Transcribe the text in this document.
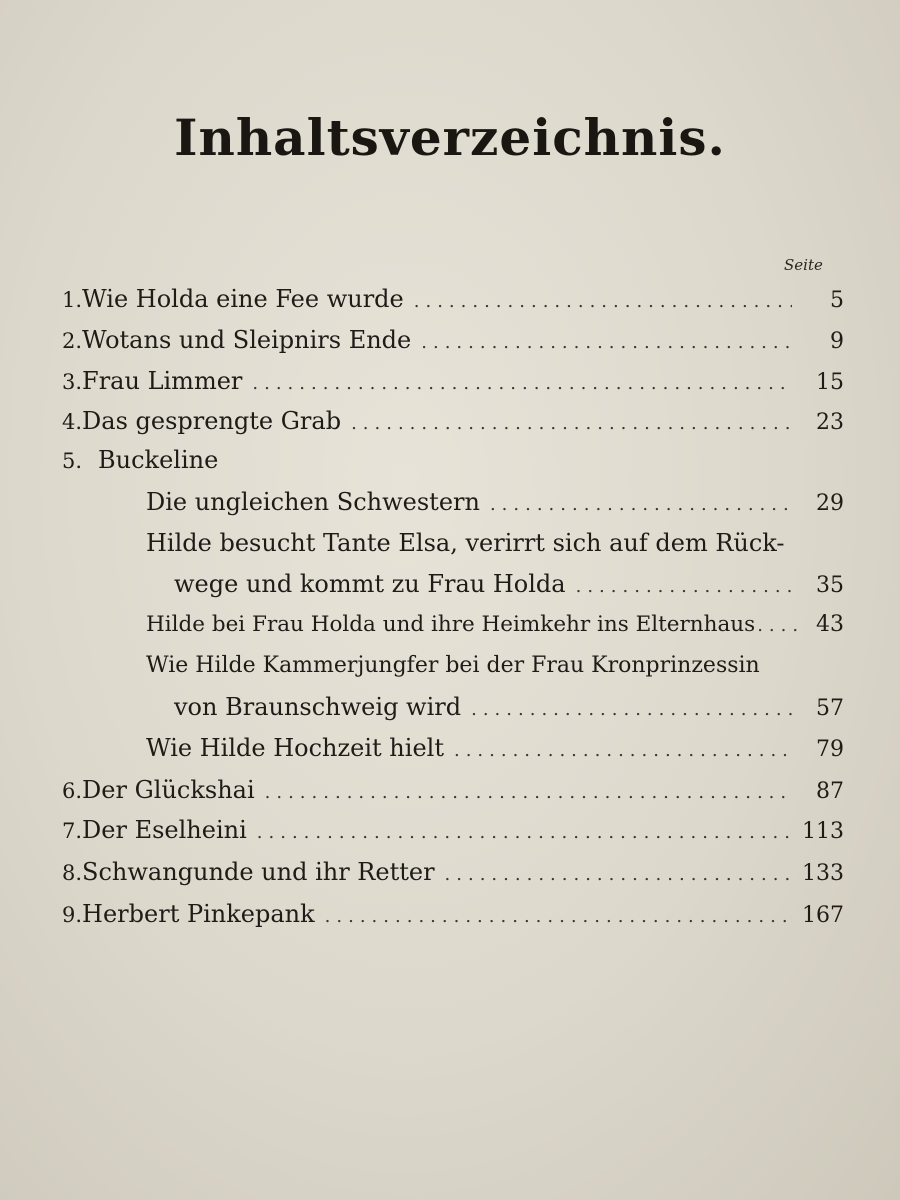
Inhaltsverzeichnis.
Seite
1. Wie Holda eine Fee wurde .....	5
2. Wotans und Sleipnirs Ende .....	9
3. Frau Limmer .....	15
4. Das gesprengte Grab .....	23
5. Buckeline
Die ungleichen Schwestern .....	29
Hilde besucht Tante Elsa, verirrt sich auf dem Rück-
wege und kommt zu Frau Holda .....	35
Hilde bei Frau Holda und ihre Heimkehr ins Elternhaus .....	43
Wie Hilde Kammerjungfer bei der Frau Kronprinzessin
von Braunschweig wird .....	57
Wie Hilde Hochzeit hielt .....	79
6. Der Glückshai .....	87
7. Der Eselheini .....	113
8. Schwangunde und ihr Retter .....	133
9. Herbert Pinkepank .....	167
